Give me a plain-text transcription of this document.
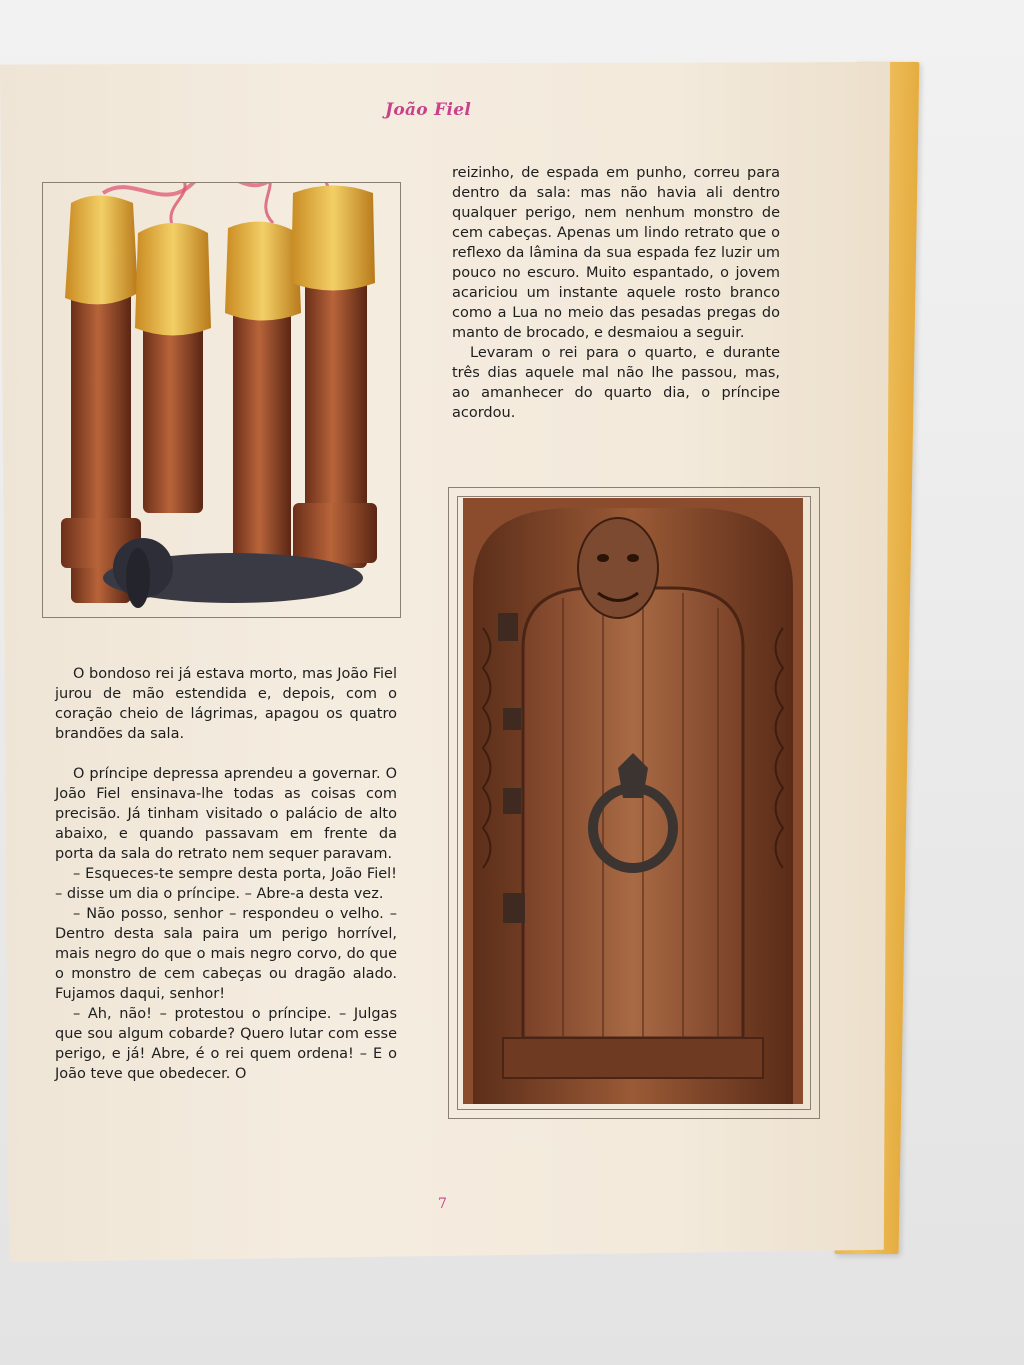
João Fiel

reizinho, de espada em punho, correu para dentro da sala: mas não havia ali dentro qualquer perigo, nem nenhum monstro de cem cabeças. Apenas um lindo retrato que o reflexo da lâmina da sua espada fez luzir um pouco no escuro. Muito espantado, o jovem acariciou um instante aquele rosto branco como a Lua no meio das pesadas pregas do manto de brocado, e desmaiou a seguir.

Levaram o rei para o quarto, e durante três dias aquele mal não lhe passou, mas, ao amanhecer do quarto dia, o príncipe acordou.

O bondoso rei já estava morto, mas João Fiel jurou de mão estendida e, depois, com o coração cheio de lágrimas, apagou os quatro brandões da sala.

O príncipe depressa aprendeu a governar. O João Fiel ensinava-lhe todas as coisas com precisão. Já tinham visitado o palácio de alto abaixo, e quando passavam em frente da porta da sala do retrato nem sequer paravam.

– Esqueces-te sempre desta porta, João Fiel! – disse um dia o príncipe. – Abre-a desta vez.

– Não posso, senhor – respondeu o velho. – Dentro desta sala paira um perigo horrível, mais negro do que o mais negro corvo, do que o monstro de cem cabeças ou dragão alado. Fujamos daqui, senhor!

– Ah, não! – protestou o príncipe. – Julgas que sou algum cobarde? Quero lutar com esse perigo, e já! Abre, é o rei quem ordena! – E o João teve que obedecer. O

7
